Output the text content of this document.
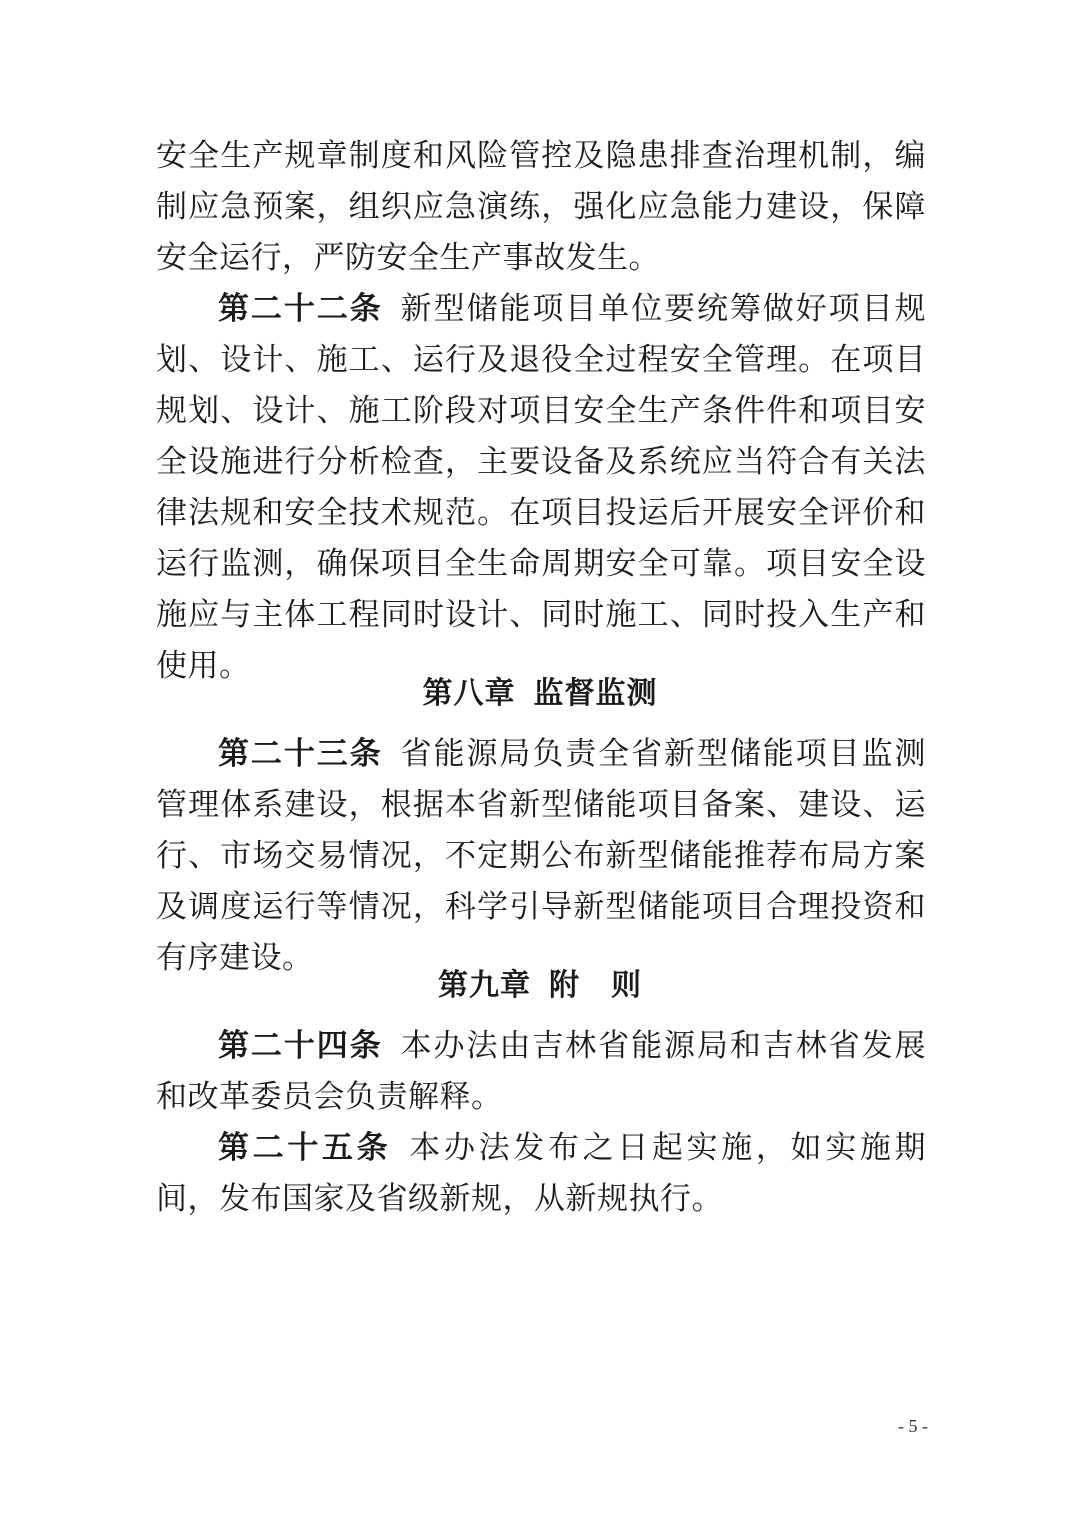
安全生产规章制度和风险管控及隐患排查治理机制，编制应急预案，组织应急演练，强化应急能力建设，保障安全运行，严防安全生产事故发生。

第二十二条 新型储能项目单位要统筹做好项目规划、设计、施工、运行及退役全过程安全管理。在项目规划、设计、施工阶段对项目安全生产条件件和项目安全设施进行分析检查，主要设备及系统应当符合有关法律法规和安全技术规范。在项目投运后开展安全评价和运行监测，确保项目全生命周期安全可靠。项目安全设施应与主体工程同时设计、同时施工、同时投入生产和使用。

第八章 监督监测

第二十三条 省能源局负责全省新型储能项目监测管理体系建设，根据本省新型储能项目备案、建设、运行、市场交易情况，不定期公布新型储能推荐布局方案及调度运行等情况，科学引导新型储能项目合理投资和有序建设。

第九章 附　则

第二十四条 本办法由吉林省能源局和吉林省发展和改革委员会负责解释。

第二十五条 本办法发布之日起实施，如实施期间，发布国家及省级新规，从新规执行。

- 5 -
